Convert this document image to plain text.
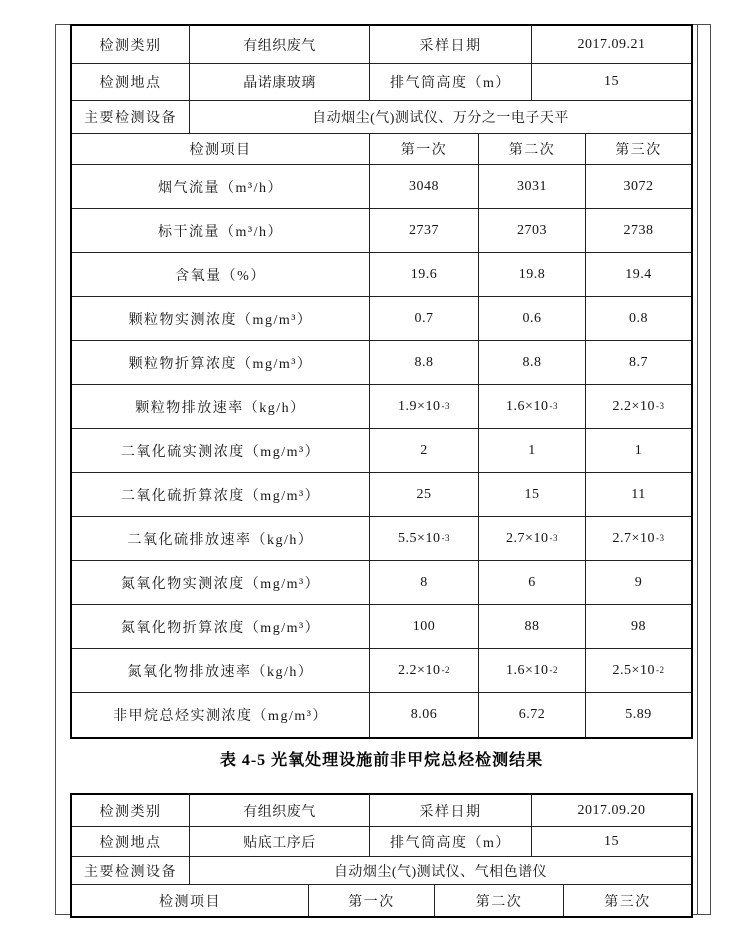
检测类别	有组织废气	采样日期	2017.09.21
检测地点	晶诺康玻璃	排气筒高度（m）	15
主要检测设备	自动烟尘(气)测试仪、万分之一电子天平
检测项目	第一次	第二次	第三次
烟气流量（m³/h）	3048	3031	3072
标干流量（m³/h）	2737	2703	2738
含氧量（%）	19.6	19.8	19.4
颗粒物实测浓度（mg/m³）	0.7	0.6	0.8
颗粒物折算浓度（mg/m³）	8.8	8.8	8.7
颗粒物排放速率（kg/h）	1.9×10 -3	1.6×10 -3	2.2×10 -3
二氧化硫实测浓度（mg/m³）	2	1	1
二氧化硫折算浓度（mg/m³）	25	15	11
二氧化硫排放速率（kg/h）	5.5×10 -3	2.7×10 -3	2.7×10 -3
氮氧化物实测浓度（mg/m³）	8	6	9
氮氧化物折算浓度（mg/m³）	100	88	98
氮氧化物排放速率（kg/h）	2.2×10 -2	1.6×10 -2	2.5×10 -2
非甲烷总烃实测浓度（mg/m³）	8.06	6.72	5.89
表 4-5 光氧处理设施前非甲烷总烃检测结果
检测类别	有组织废气	采样日期	2017.09.20
检测地点	贴底工序后	排气筒高度（m）	15
主要检测设备	自动烟尘(气)测试仪、气相色谱仪
检测项目	第一次	第二次	第三次
